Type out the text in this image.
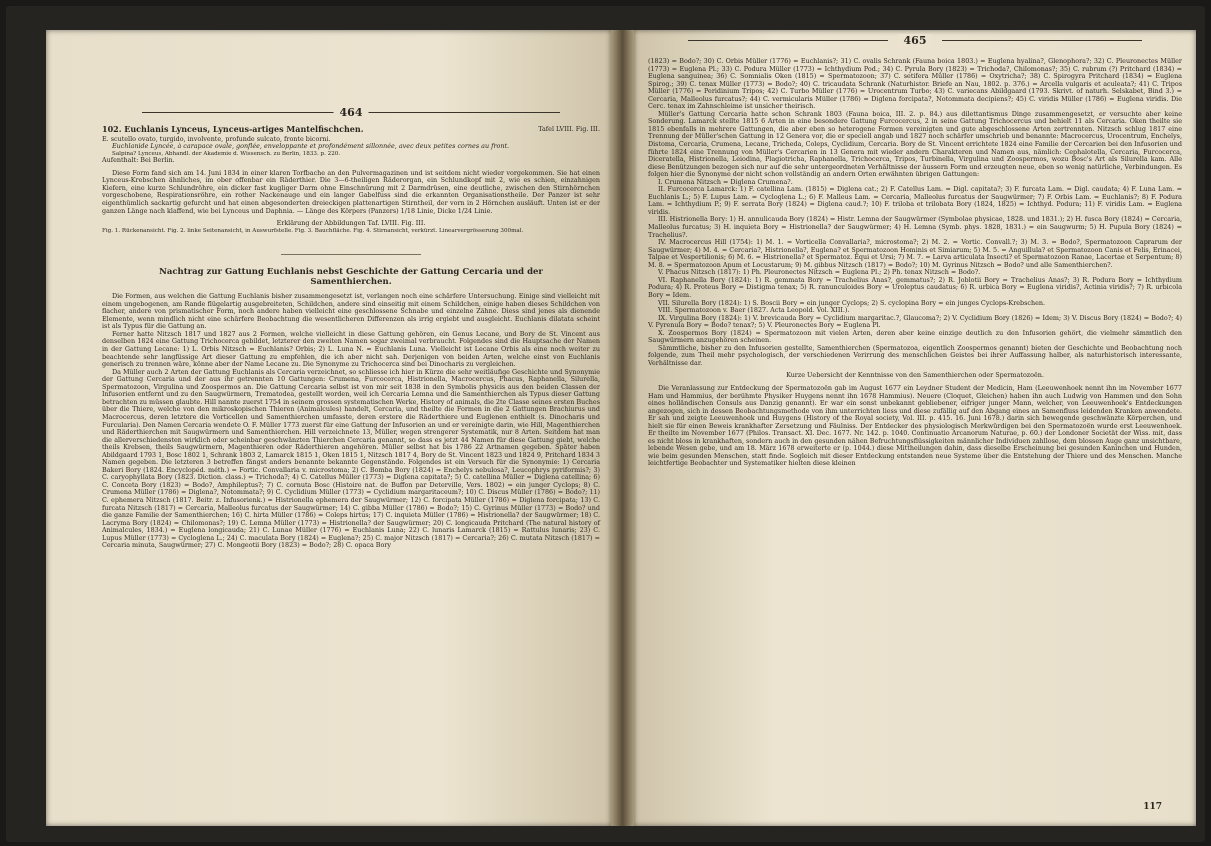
464
102. Euchlanis Lynceus, Lynceus-artiges Mantelfischchen.	Tafel LVIII. Fig. III.

E. scutello ovato, turgido, involvente, profunde sulcato, fronte bicorni.

Euchlanide Lyncée, à carapace ovale, gonflée, enveloppante et profondément sillonnée, avec deux petites cornes au front.

Salpina? Lynceus, Abhandl. der Akademie d. Wissensch. zu Berlin, 1833. p. 220.

Aufenthalt: Bei Berlin.

Diese Form fand sich am 14. Juni 1834 in einer klaren Torfbache an den Pulvermagazinen und ist seitdem nicht wieder vorgekommen. Sie hat einen Lynceus-Krebschen ähnliches, im ober offenbar ein Räderthier. Die 3—6-theiligen Räderorgan, ein Schlundkopf mit 2, wie es schien, einzahnigen Kiefern, eine kurze Schlundröhre, ein dicker fast kugliger Darm ohne Einschnürung mit 2 Darmdrüsen, eine deutliche, zwischen den Stirnhörnchen vorgeschobene, Respirationsröhre, ein rother Nackenauge und ein langer Gabelfuss sind die erkannten Organisationstheile. Der Panzer ist sehr eigenthümlich sackartig gefurcht und hat einen abgesonderten dreieckigen plattenartigen Stirntheil, der vorn in 2 Hörnchen ausläuft. Unten ist er der ganzen Länge nach klaffend, wie bei Lynceus und Daphnia. — Länge des Körpers (Panzers) 1/18 Linie, Dicke 1/24 Linie.

Erklärung der Abbildungen Taf. LVIII. Fig. III.

Fig. 1. Rückenansicht. Fig. 2. linke Seitenansicht, in Auswurfstelle. Fig. 3. Bauchfläche. Fig. 4. Stirnansicht, verkürzt. Linearvergrösserung 300mal.

Nachtrag zur Gattung Euchlanis nebst Geschichte der Gattung Cercaria und der Samenthierchen.

Die Formen, aus welchen die Gattung Euchlanis bisher zusammengesetzt ist, verlangen noch eine schärfere Untersuchung. Einige sind vielleicht mit einem ungebogenen, am Rande flügelartig ausgebreiteten, Schildchen, andere sind einseitig mit einem Schildchen, einige haben dieses Schildchen von flacher, andere von prismatischer Form, noch andere haben vielleicht eine geschlossene Schnabe und einzelne Zähne. Diess sind jenes als dienende Elemente, wenn mindlich nicht eine schärfere Beobachtung die wesentlicheren Differenzen als irrig ergiebt und ausgleicht. Euchlanis dilatata scheint ist als Typus für die Gattung an.

Ferner hatte Nitzsch 1817 und 1827 aus 2 Formen, welche vielleicht in diese Gattung gehören, ein Genus Lecane, und Bory de St. Vincent aus denselben 1824 eine Gattung Trichocerca gebildet, letzterer den zweiten Namen sogar zweimal verbraucht. Folgendes sind die Hauptsache der Namen in der Gattung Lecane: 1) L. Orbis Nitzsch = Euchlanis? Orbis; 2) L. Luna N. = Euchlanis Luna. Vielleicht ist Lecane Orbis als eine noch weiter zu beachtende sehr langfüssige Art dieser Gattung zu empfehlen, die ich aber nicht sah. Derjenigen von beiden Arten, welche einst von Euchlanis generisch zu trennen wäre, könne aber der Name Lecane zu. Die Synonyme zu Trichocerca sind bei Dinocharis zu vergleichen.

Da Müller auch 2 Arten der Gattung Euchlanis als Cercaria verzeichnet, so schliesse ich hier in Kürze die sehr weitläufige Geschichte und Synonymie der Gattung Cercaria und der aus ihr getrennten 10 Gattungen: Crumena, Furcocerca, Histrionella, Macrocercus, Phacus, Raphanella, Silurella, Spermatozoon, Virgulina und Zoospermos an. Die Gattung Cercaria selbst ist von mir seit 1838 in den Symbolis physicis aus den beiden Classen der Infusorien entfernt und zu den Saugwürmern, Trematodea, gestellt worden, weil ich Cercaria Lemna und die Samenthierchen als Typus dieser Gattung betrachten zu müssen glaubte. Hill nannte zuerst 1754 in seinem grossen systematischen Werke, History of animals, die 2te Classe seines ersten Buches über die Thiere, welche von den mikroskopischen Thieren (Animalcules) handelt, Cercaria, und theilte die Formen in die 2 Gattungen Brachiurus und Macrocercus, deren letztere die Vorticellen und Samenthierchen umfasste, deren erstere die Räderthiere und Euglenen enthielt (s. Dinocharis und Furcularia). Den Namen Cercaria wendete O. F. Müller 1773 zuerst für eine Gattung der Infusorien an und er vereinigte darin, wie Hill, Magenthierchen und Räderthierchen mit Saugwürmern und Samenthierchen. Hill verzeichnete 13, Müller, wegen strengerer Systematik, nur 8 Arten. Seitdem hat man die allerverschiedensten wirklich oder scheinbar geschwänzten Thierchen Cercaria genannt, so dass es jetzt 44 Namen für diese Gattung giebt, welche theils Krebsen, theils Saugwürmern, Magenthieren oder Räderthieren angehören. Müller selbst hat bis 1786 22 Artnamen gegeben. Später haben Abildgaard 1793 1, Bosc 1802 1, Schrank 1803 2, Lamarck 1815 1, Oken 1815 1, Nitzsch 1817 4, Bory de St. Vincent 1823 und 1824 9, Pritchard 1834 3 Namen gegeben. Die letzteren 3 betreffen fängst anders benannte bekannte Gegenstände. Folgendes ist ein Versuch für die Synonymie: 1) Cercaria Bakeri Bory (1824. Encyclopéd. méth.) = Fortic. Convallaria v. microstoma; 2) C. Bomba Bory (1824) = Enchelys nebulosa?, Leucophrys pyriformis?; 3) C. caryophyllata Bory (1823. Diction. class.) = Trichoda?; 4) C. Catellus Müller (1773) = Diglena capitata?; 5) C. catellina Müller = Diglena catellina; 6) C. Conceta Bory (1823) = Bodo?, Amphileptus?; 7) C. cornuta Bosc (Histoire nat. de Buffon par Deterville, Vers. 1802) = ein junger Cyclops; 8) C. Crumena Müller (1786) = Diglena?, Notommata?; 9) C. Cyclidium Müller (1773) = Cyclidium margaritaceum?; 10) C. Discus Müller (1786) = Bodo?; 11) C. ephemera Nitzsch (1817. Beitr. z. Infusorienk.) = Histrionella ephemera der Saugwürmer; 12) C. forcipata Müller (1786) = Diglena forcipata; 13) C. furcata Nitzsch (1817) = Cercaria, Malleolus furcatus der Saugwürmer; 14) C. gibba Müller (1786) = Bodo?; 15) C. Gyrinus Müller (1773) = Bodo? und die ganze Familie der Samenthierchen; 16) C. hirta Müller (1786) = Coleps hirtus; 17) C. inquieta Müller (1786) = Histrionella? der Saugwürmer; 18) C. Lacryma Bory (1824) = Chilomonas?; 19) C. Lemna Müller (1773) = Histrionella? der Saugwürmer; 20) C. longicauda Pritchard (The natural history of Animalcules, 1834.) = Euglena longicauda; 21) C. Lunae Müller (1776) = Euchlanis Luna; 22) C. lunaris Lamarck (1815) = Rattulus lunaris; 23) C. Lupus Müller (1773) = Cycloglena L.; 24) C. maculata Bory (1824) = Euglena?; 25) C. major Nitzsch (1817) = Cercaria?; 26) C. mutata Nitzsch (1817) = Cercaria minuta, Saugwürmer; 27) C. Mongeotii Bory (1823) = Bodo?; 28) C. opaca Bory

465

(1823) = Bodo?; 30) C. Orbis Müller (1776) = Euchlanis?; 31) C. ovalis Schrank (Fauna boica 1803.) = Euglena hyalina?, Glenophora?; 32) C. Pleuronectes Müller (1773) = Euglena Pl.; 33) C. Podura Müller (1773) = Ichthydium Pod.; 34) C. Pyrula Bory (1823) = Trichoda?, Chilomonas?; 35) C. rubrum (?) Pritchard (1834) = Euglena sanguinea; 36) C. Somnialis Oken (1815) = Spermatozoon; 37) C. setifera Müller (1786) = Oxytricha?; 38) C. Spirogyra Pritchard (1834) = Euglena Spirog.; 39) C. tenax Müller (1773) = Bodo?; 40) C. tricaudata Schrank (Naturhistor. Briefe an Nau, 1802. p. 376.) = Arcella vulgaris et aculeata?; 41) C. Tripos Müller (1776) = Peridinium Tripos; 42) C. Turbo Müller (1776) = Urocentrum Turbo; 43) C. variecans Abildgaard (1793. Skrivt. of naturh. Selskabet, Bind 3.) = Cercaria, Malleolus furcatus?; 44) C. vermicularis Müller (1786) = Diglena forcipata?, Notommata decipiens?; 45) C. viridis Müller (1786) = Euglena viridis. Die Cerc. tenax im Zahnschleime ist unsicher theirisch.

Müller's Gattung Cercaria hatte schon Schrank 1803 (Fauna boica, III. 2. p. 84.) aus dilettantismus Dinge zusammengesetzt, er versuchte aber keine Sonderung. Lamarck stellte 1815 6 Arten in eine besondere Gattung Furcocercus, 2 in seine Gattung Trichocercus und behielt 11 als Cercaria. Oken theilte sie 1815 ebenfalls in mehrere Gattungen, die aber eben so heterogene Formen vereinigten und gute abgeschlossene Arten zertrennten. Nitzsch schlug 1817 eine Trennung der Müller'schen Gattung in 12 Genera vor, die er speciell angab und 1827 noch schärfer umschrieb und benannte: Macrocercus, Urocentrum, Enchelys, Distoma, Cercaria, Crumena, Lecane, Tricheda, Coleps, Cyclidium, Cercaria. Bory de St. Vincent errichtete 1824 eine Familie der Cercarien bei den Infusorien und führte 1824 eine Trennung von Müller's Cercarien in 13 Genera mit wieder andern Charakteren und Namen aus, nämlich: Cephalotella, Cercaria, Furcocerca, Diceratella, Histrionella, Leiodina, Plagiotricha, Raphanella, Trichocerca, Tripos, Turbinella, Virgulina und Zoospermos, wozu Bosc's Art als Silurella kam. Alle diese Benützungen bezogen sich nur auf die sehr untergeordneten Verhältnisse der äussern Form und erzeugten neue, eben so wenig natürliche, Verbindungen. Es folgen hier die Synonyme der nicht schon vollständig an andern Orten erwähnten übrigen Gattungen:

I. Crumena Nitzsch = Diglena Crumena?.

II. Furcocerca Lamarck: 1) F. catellina Lam. (1815) = Diglena cat.; 2) F. Catellus Lam. = Digl. capitata?; 3) F. furcata Lam. = Digl. caudata; 4) F. Luna Lam. = Euchlanis L.; 5) F. Lupus Lam. = Cycloglena L.; 6) F. Malleus Lam. = Cercaria, Malleolus furcatus der Saugwürmer; 7) F. Orbis Lam. = Euchlanis?; 8) F. Podura Lam. = Ichthydium P.; 9) F. serrata Bory (1824) = Diglena caud.?; 10) F. triloba et trilobata Bory (1824, 1825) = Ichthyd. Podura; 11) F. viridis Lam. = Euglena viridis.

III. Histrionella Bory: 1) H. annulicauda Bory (1824) = Histr. Lemna der Saugwürmer (Symbolae physicae, 1828. und 1831.); 2) H. fusca Bory (1824) = Cercaria, Malleolus furcatus; 3) H. inquieta Bory = Histrionella? der Saugwürmer; 4) H. Lemna (Symb. phys. 1828, 1831.) = ein Saugwurm; 5) H. Pupula Bory (1824) = Trachelius?.

IV. Macrocercus Hill (1754): 1) M. 1. = Vorticella Convallaria?, microstoma?; 2) M. 2. = Vortic. Convall.?; 3) M. 3. = Bodo?, Spermatozoon Caprarum der Saugwürmer; 4) M. 4. = Cercaria?, Histrionella?, Euglena? et Spermatozoon Hominis et Simiarum; 5) M. 5. = Anguillula? et Spermatozoon Canis et Felis, Erinacei, Talpae et Vespertilionis; 6) M. 6. = Histrionella? et Spermatoz. Equi et Ursi; 7) M. 7. = Larva articulata Insecti? et Spermatozoon Ranae, Lacertae et Serpentum; 8) M. 8. = Spermatozoon Apum et Locustarum; 9) M. gibbus Nitzsch (1817) = Bodo?; 10) M. Gyrinus Nitzsch = Bodo? und alle Samenthierchen?.

V. Phacus Nitzsch (1817): 1) Ph. Pleuronectes Nitzsch = Euglena Pl.; 2) Ph. tenax Nitzsch = Bodo?.

VI. Raphanella Bory (1824): 1) R. gemmata Bory = Trachelius Anas?, gemmatus?; 2) R. Joblotii Bory = Trachelius Anas?; 3) R. Podura Bory = Ichthydium Podura; 4) R. Proteus Bory = Distigma tenax; 5) R. ranunculoides Bory = Uroleptus caudatus; 6) R. urbica Bory = Euglena viridis?, Actinia viridis?; 7) R. urbicola Bory = Idem.

VII. Silurella Bory (1824): 1) S. Boscii Bory = ein junger Cyclops; 2) S. cyclopina Bory = ein junges Cyclops-Krebschen.

VIII. Spermatozoon v. Baer (1827. Acta Leopold. Vol. XIII.).

IX. Virgulina Bory (1824): 1) V. brevicauda Bory = Cyclidium margaritac.?, Glaucoma?; 2) V. Cyclidium Bory (1826) = Idem; 3) V. Discus Bory (1824) = Bodo?; 4) V. Pyrenula Bory = Bodo? tenax?; 5) V. Pleuronectes Bory = Euglena Pl.

X. Zoospermos Bory (1824) = Spermatozoon mit vielen Arten, deren aber keine einzige deutlich zu den Infusorien gehört, die vielmehr sämmtlich den Saugwürmern anzugehören scheinen.

Sämmtliche, bisher zu den Infusorien gestellte, Samenthierchen (Spermatozoa, eigentlich Zoospermos genannt) bieten der Geschichte und Beobachtung noch folgende, zum Theil mehr psychologisch, der verschiedenen Verirrung des menschlichen Geistes bei ihrer Auffassung halber, als naturhistorisch interessante, Verhältnisse dar.

Kurze Uebersicht der Kenntnisse von den Samenthierchen oder Spermatozoën.

Die Veranlassung zur Entdeckung der Spermatozoën gab im August 1677 ein Leydner Student der Medicin, Ham (Leeuwenhoek nennt ihn im November 1677 Ham und Hammius, der berühmte Physiker Huygens nennt ihn 1678 Hammius). Neuere (Cloquet, Gleichen) haben ihn auch Ludwig von Hammen und den Sohn eines holländischen Consuls aus Danzig genannt). Er war ein sonst unbekannt gebliebener, eifriger junger Mann, welcher, von Leeuwenhoek's Entdeckungen angezogen, sich in dessen Beobachtungsmethode von ihm unterrichten liess und diese zufällig auf den Abgang eines an Samenfluss leidenden Kranken anwendete. Er sah und zeigte Leeuwenhoek und Huygens (History of the Royal society, Vol. III. p. 415. 16. Juni 1678.) darin sich bewegende geschwänzte Körperchen, und hielt sie für einen Beweis krankhafter Zersetzung und Fäulniss. Der Entdecker des physiologisch Merkwürdigen bei den Spermatozoën wurde erst Leeuwenhoek. Er theilte im November 1677 (Philos. Transact. XI. Dec. 1677. Nr. 142. p. 1040. Continuatio Arcanorum Naturae, p. 60.) der Londoner Societät der Wiss. mit, dass es nicht bloss in krankhaften, sondern auch in den gesunden nähen Befruchtungsflüssigkeiten männlicher Individuen zahllose, dem blossen Auge ganz unsichtbare, lebende Wesen gebe, und am 18. März 1678 erweiterte er (p. 1044.) diese Mittheilungen dahin, dass dieselbe Erscheinung bei gesunden Kaninchen und Hunden, wie beim gesunden Menschen, statt finde. Sogleich mit dieser Entdeckung entstanden neue Systeme über die Entstehung der Thiere und des Menschen. Manche leichtfertige Beobachter und Systematiker hielten diese kleinen

117
